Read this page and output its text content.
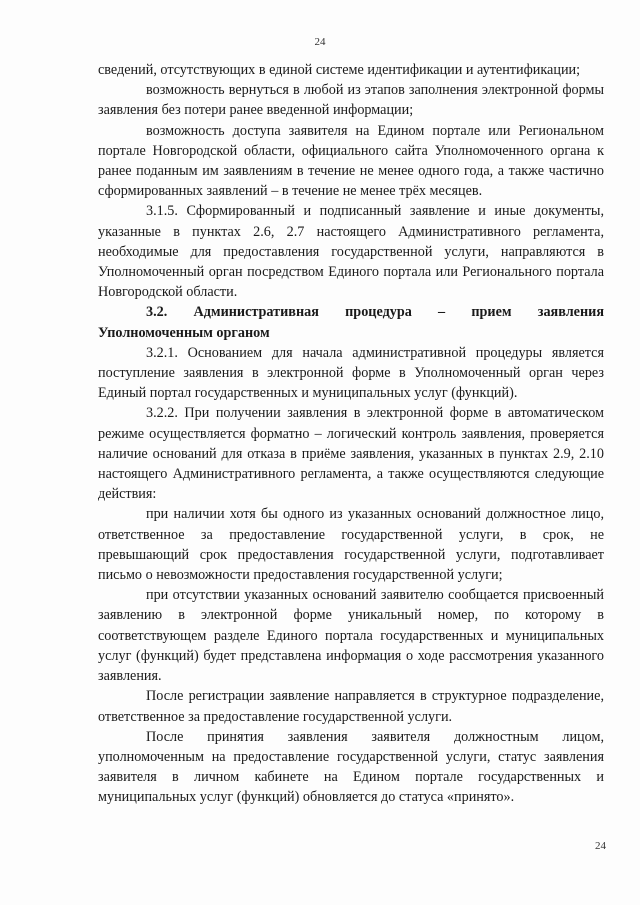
24

сведений, отсутствующих в единой системе идентификации и аутентификации;

возможность вернуться в любой из этапов заполнения электронной формы заявления без потери ранее введенной информации;

возможность доступа заявителя на Едином портале или Региональном портале Новгородской области, официального сайта Уполномоченного органа к ранее поданным им заявлениям в течение не менее одного года, а также частично сформированных заявлений – в течение не менее трёх месяцев.

3.1.5. Сформированный и подписанный заявление и иные документы, указанные в пунктах 2.6, 2.7 настоящего Административного регламента, необходимые для предоставления государственной услуги, направляются в Уполномоченный орган посредством Единого портала или Регионального портала Новгородской области.

3.2. Административная процедура – прием заявления Уполномоченным органом

3.2.1. Основанием для начала административной процедуры является поступление заявления в электронной форме в Уполномоченный орган через Единый портал государственных и муниципальных услуг (функций).

3.2.2. При получении заявления в электронной форме в автоматическом режиме осуществляется форматно – логический контроль заявления, проверяется наличие оснований для отказа в приёме заявления, указанных в пунктах 2.9, 2.10 настоящего Административного регламента, а также осуществляются следующие действия:

при наличии хотя бы одного из указанных оснований должностное лицо, ответственное за предоставление государственной услуги, в срок, не превышающий срок предоставления государственной услуги, подготавливает письмо о невозможности предоставления государственной услуги;

при отсутствии указанных оснований заявителю сообщается присвоенный заявлению в электронной форме уникальный номер, по которому в соответствующем разделе Единого портала государственных и муниципальных услуг (функций) будет представлена информация о ходе рассмотрения указанного заявления.

После регистрации заявление направляется в структурное подразделение, ответственное за предоставление государственной услуги.

После принятия заявления заявителя должностным лицом, уполномоченным на предоставление государственной услуги, статус заявления заявителя в личном кабинете на Едином портале государственных и муниципальных услуг (функций) обновляется до статуса «принято».

24
